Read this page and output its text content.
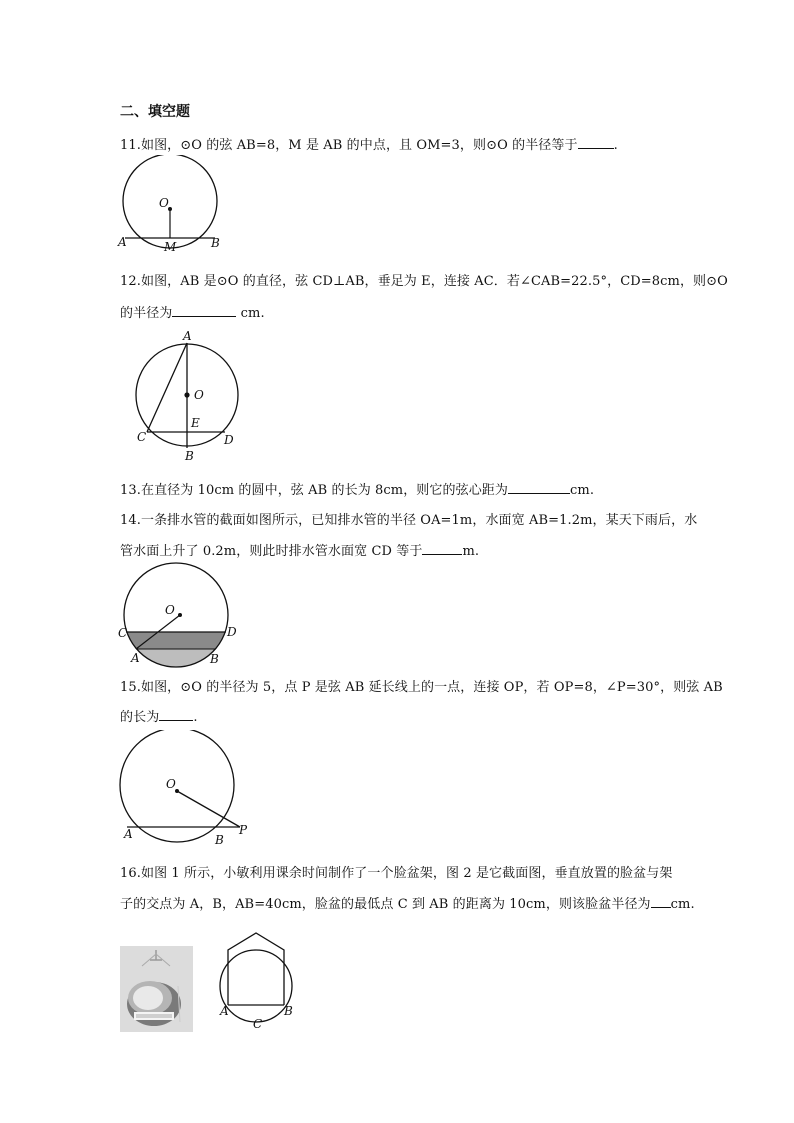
二、填空题
11.如图，⊙O 的弦 AB=8，M 是 AB 的中点，且 OM=3，则⊙O 的半径等于	.
O
A	M	B
12.如图，AB 是⊙O 的直径，弦 CD⊥AB，垂足为 E，连接 AC．若∠CAB=22.5°，CD=8cm，则⊙O
的半径为	cm.
A
O
E
C	D
B
13.在直径为 10cm 的圆中，弦 AB 的长为 8cm，则它的弦心距为	cm.
14.一条排水管的截面如图所示，已知排水管的半径 OA=1m，水面宽 AB=1.2m，某天下雨后，水
管水面上升了 0.2m，则此时排水管水面宽 CD 等于	m.
O
C	D
A	B
15.如图，⊙O 的半径为 5，点 P 是弦 AB 延长线上的一点，连接 OP，若 OP=8，∠P=30°，则弦 AB
的长为	.
O
A	B
P
16.如图 1 所示，小敏利用课余时间制作了一个脸盆架，图 2 是它截面图，垂直放置的脸盆与架
子的交点为 A，B，AB=40cm，脸盆的最低点 C 到 AB 的距离为 10cm，则该脸盆半径为 cm.
A
C
B
